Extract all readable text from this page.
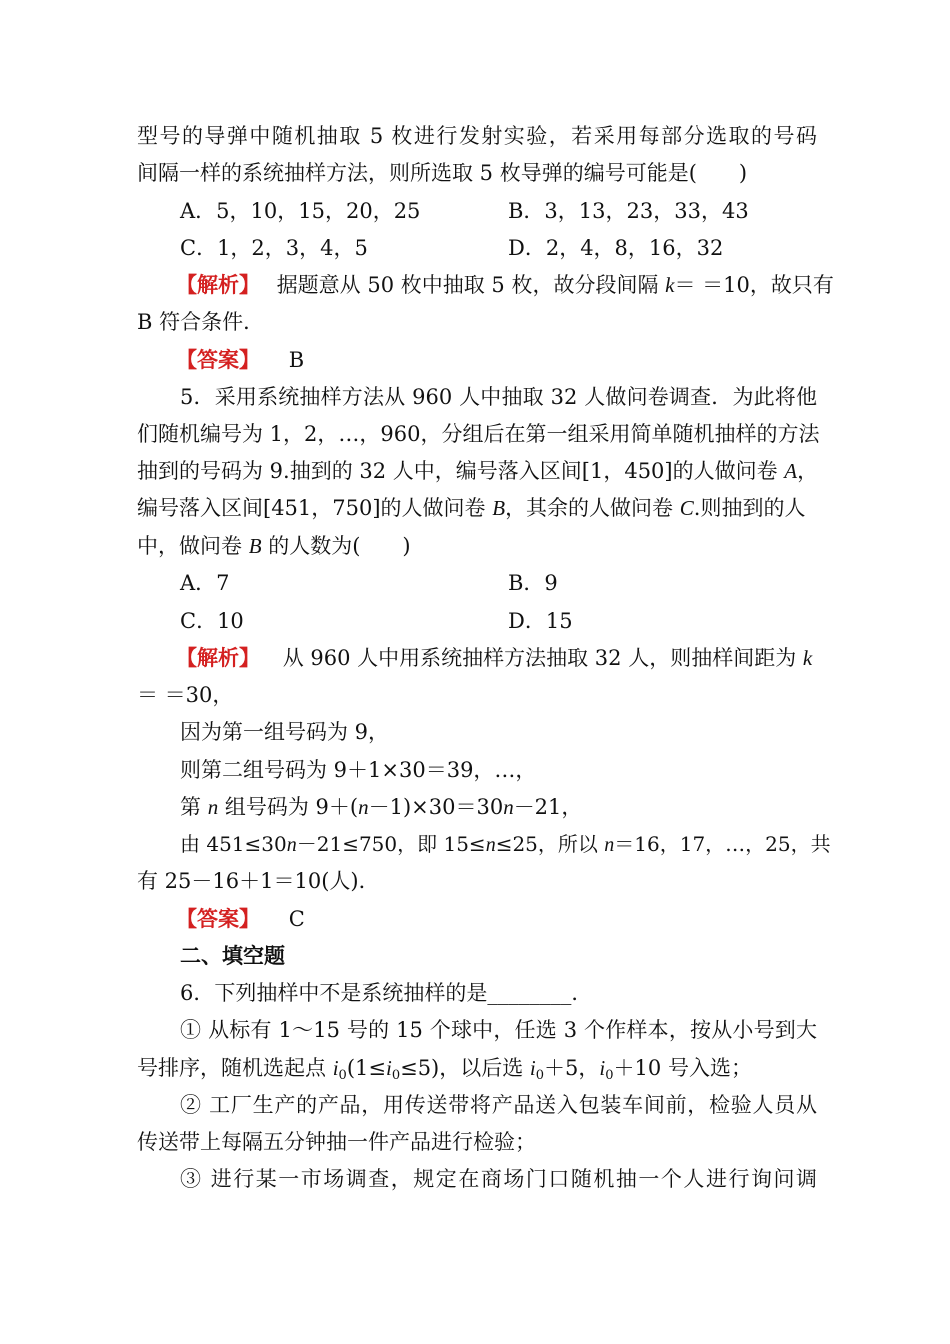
型号的导弹中随机抽取 5 枚进行发射实验，若采用每部分选取的号码
间隔一样的系统抽样方法，则所选取 5 枚导弹的编号可能是(　　)
A．5，10，15，20，25	B．3，13，23，33，43
C．1，2，3，4，5	D．2，4，8，16，32
【解析】 据题意从 50 枚中抽取 5 枚，故分段间隔 k＝ ＝10，故只有
B 符合条件．
【答案】 B
5．采用系统抽样方法从 960 人中抽取 32 人做问卷调查．为此将他
们随机编号为 1，2，…，960，分组后在第一组采用简单随机抽样的方法
抽到的号码为 9.抽到的 32 人中，编号落入区间[1，450]的人做问卷 A，
编号落入区间[451，750]的人做问卷 B，其余的人做问卷 C.则抽到的人
中，做问卷 B 的人数为(　　)
A．7	B．9
C．10	D．15
【解析】 从 960 人中用系统抽样方法抽取 32 人，则抽样间距为 k
＝ ＝30，
因为第一组号码为 9，
则第二组号码为 9＋1×30＝39，…，
第 n 组号码为 9＋(n－1)×30＝30n－21，
由 451≤30n－21≤750，即 15≤n≤25，所以 n＝16，17，…，25，共
有 25－16＋1＝10(人)．
【答案】 C
二、填空题
6．下列抽样中不是系统抽样的是________．
① 从标有 1～15 号的 15 个球中，任选 3 个作样本，按从小号到大
号排序，随机选起点 $i_0(1\le i_0\le 5)$，以后选 $i_0+5$，$i_0+10$ 号入选；
② 工厂生产的产品，用传送带将产品送入包装车间前，检验人员从
传送带上每隔五分钟抽一件产品进行检验；
③ 进行某一市场调查，规定在商场门口随机抽一个人进行询问调
